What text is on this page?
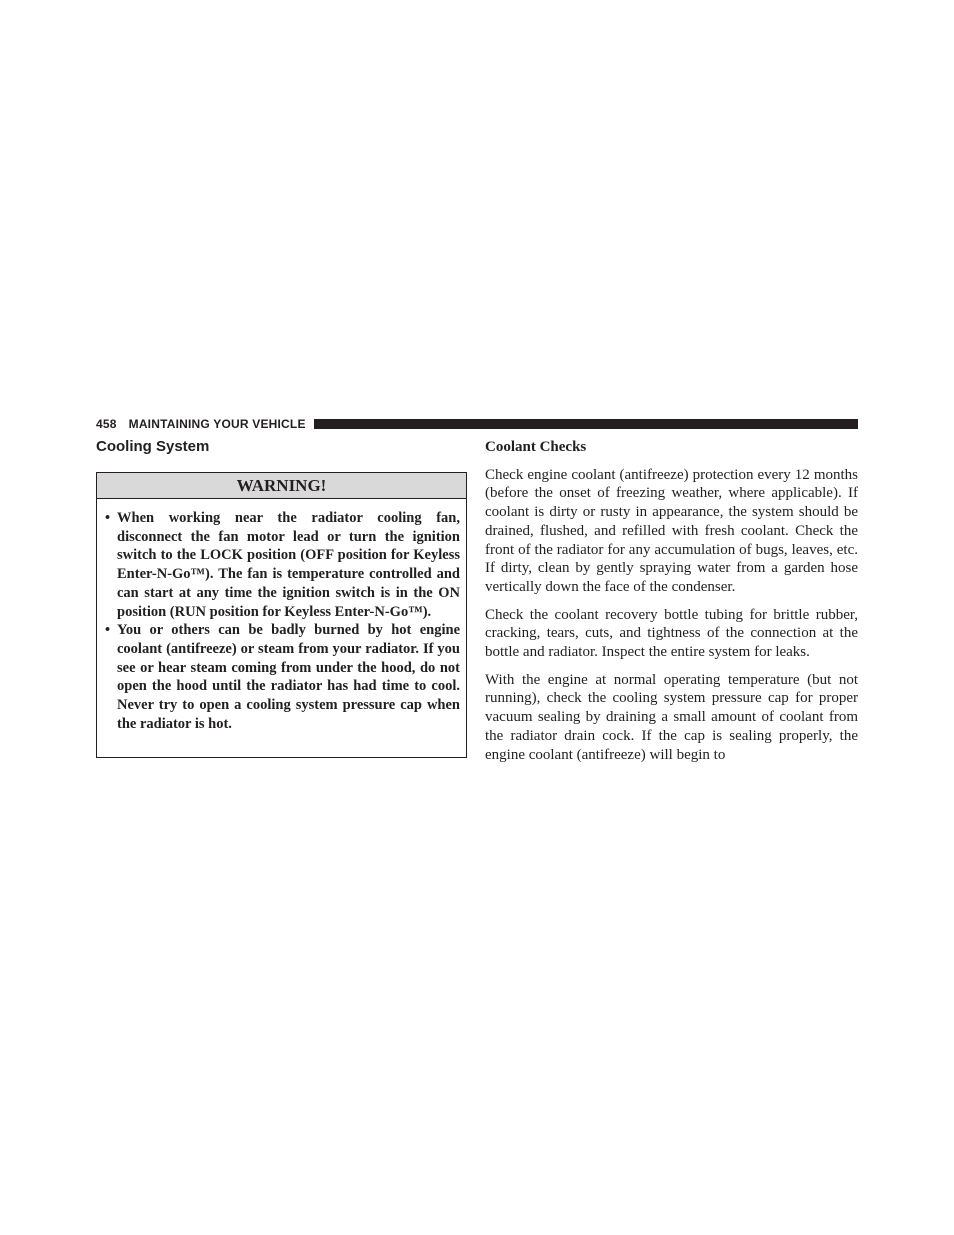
458 MAINTAINING YOUR VEHICLE
Cooling System
WARNING!
• When working near the radiator cooling fan, disconnect the fan motor lead or turn the ignition switch to the LOCK position (OFF position for Keyless Enter-N-Go™). The fan is temperature controlled and can start at any time the ignition switch is in the ON position (RUN position for Keyless Enter-N-Go™).
• You or others can be badly burned by hot engine coolant (antifreeze) or steam from your radiator. If you see or hear steam coming from under the hood, do not open the hood until the radiator has had time to cool. Never try to open a cooling system pressure cap when the radiator is hot.
Coolant Checks

Check engine coolant (antifreeze) protection every 12 months (before the onset of freezing weather, where applicable). If coolant is dirty or rusty in appearance, the system should be drained, flushed, and refilled with fresh coolant. Check the front of the radiator for any accumulation of bugs, leaves, etc. If dirty, clean by gently spraying water from a garden hose vertically down the face of the condenser.

Check the coolant recovery bottle tubing for brittle rubber, cracking, tears, cuts, and tightness of the connection at the bottle and radiator. Inspect the entire system for leaks.

With the engine at normal operating temperature (but not running), check the cooling system pressure cap for proper vacuum sealing by draining a small amount of coolant from the radiator drain cock. If the cap is sealing properly, the engine coolant (antifreeze) will begin to
